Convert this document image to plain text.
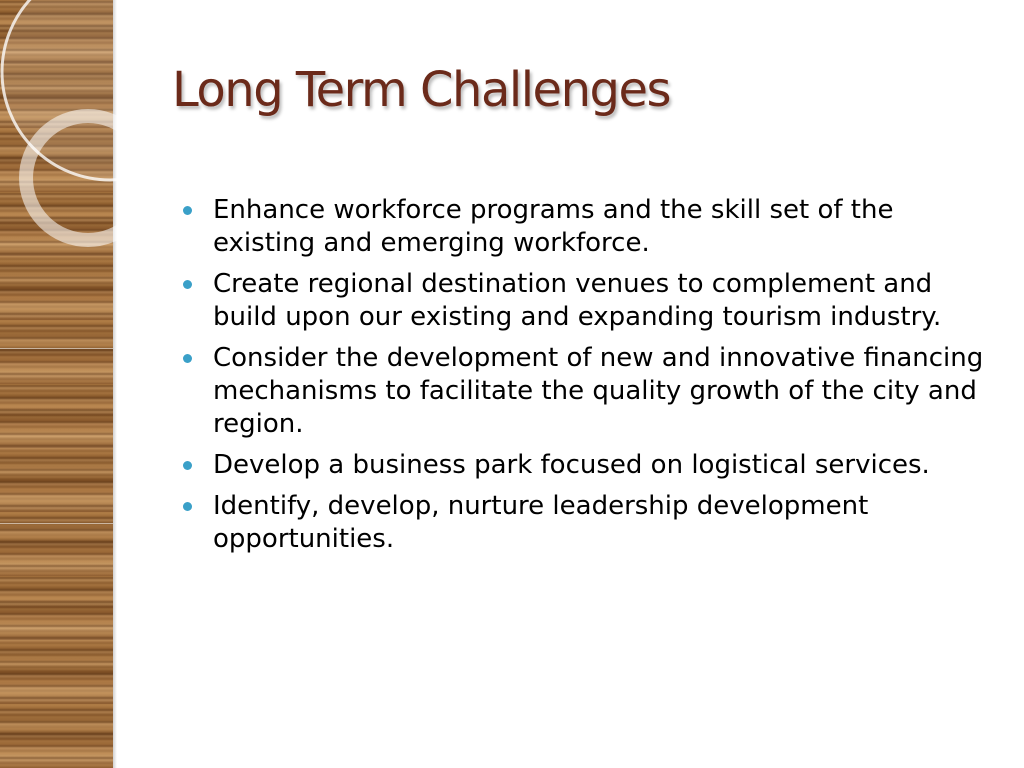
Long Term Challenges
Enhance workforce programs and the skill set of the existing and emerging workforce.
Create regional destination venues to complement and build upon our existing and expanding tourism industry.
Consider the development of new and innovative financing mechanisms to facilitate the quality growth of the city and region.
Develop a business park focused on logistical services.
Identify, develop, nurture leadership development opportunities.
